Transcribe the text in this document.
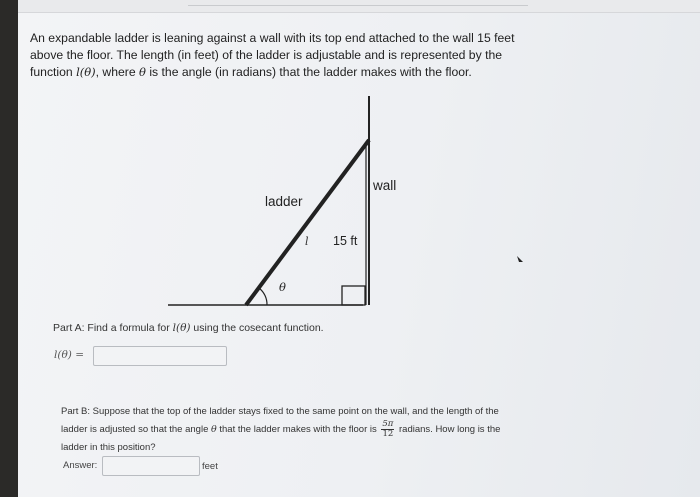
An expandable ladder is leaning against a wall with its top end attached to the wall 15 feet above the floor. The length (in feet) of the ladder is adjustable and is represented by the function l(θ), where θ is the angle (in radians) that the ladder makes with the floor.
ladder
l 15 ft
wall
θ
Part A: Find a formula for l(θ) using the cosecant function.
l(θ) =
Part B: Suppose that the top of the ladder stays fixed to the same point on the wall, and the length of the ladder is adjusted so that the angle θ that the ladder makes with the floor is $\frac{5\pi}{12}$ radians. How long is the ladder in this position?
Answer:	feet
